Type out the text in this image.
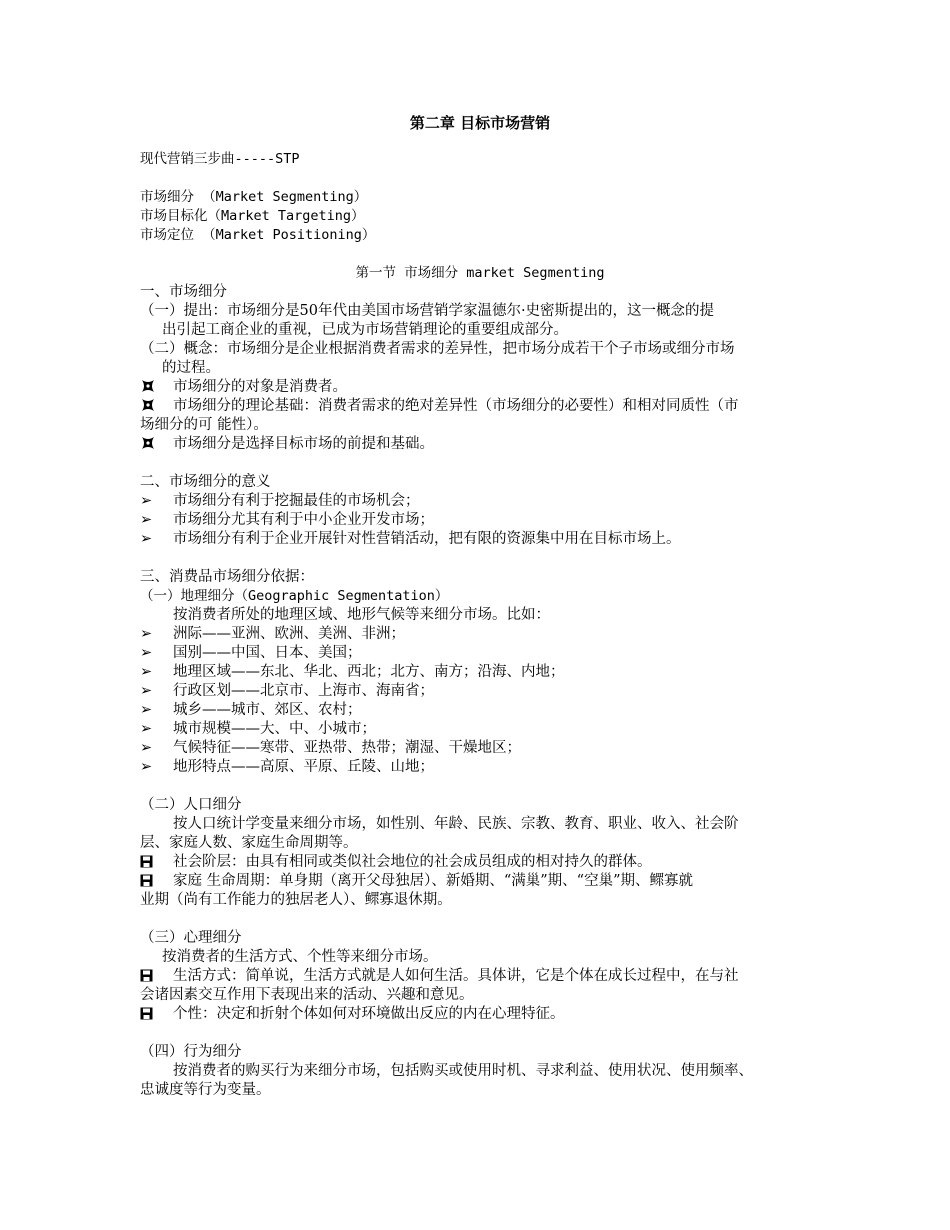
第二章 目标市场营销
现代营销三步曲-----STP
市场细分 （Market Segmenting）
市场目标化（Market Targeting）
市场定位 （Market Positioning）
第一节 市场细分 market Segmenting
一、市场细分
（一）提出：市场细分是50年代由美国市场营销学家温德尔·史密斯提出的，这一概念的提
出引起工商企业的重视，已成为市场营销理论的重要组成部分。
（二）概念：市场细分是企业根据消费者需求的差异性，把市场分成若干个子市场或细分市场
的过程。
市场细分的对象是消费者。
市场细分的理论基础：消费者需求的绝对差异性（市场细分的必要性）和相对同质性（市
场细分的可 能性）。
市场细分是选择目标市场的前提和基础。
二、市场细分的意义
➢ 市场细分有利于挖掘最佳的市场机会；
➢ 市场细分尤其有利于中小企业开发市场；
➢ 市场细分有利于企业开展针对性营销活动，把有限的资源集中用在目标市场上。
三、消费品市场细分依据：
（一）地理细分（Geographic Segmentation）
按消费者所处的地理区域、地形气候等来细分市场。比如：
➢ 洲际——亚洲、欧洲、美洲、非洲；
➢ 国别——中国、日本、美国；
➢ 地理区域——东北、华北、西北；北方、南方；沿海、内地；
➢ 行政区划——北京市、上海市、海南省；
➢ 城乡——城市、郊区、农村；
➢ 城市规模——大、中、小城市；
➢ 气候特征——寒带、亚热带、热带；潮湿、干燥地区；
➢ 地形特点——高原、平原、丘陵、山地；
（二）人口细分
按人口统计学变量来细分市场，如性别、年龄、民族、宗教、教育、职业、收入、社会阶
层、家庭人数、家庭生命周期等。
社会阶层：由具有相同或类似社会地位的社会成员组成的相对持久的群体。
家庭 生命周期：单身期（离开父母独居）、新婚期、“满巢”期、“空巢”期、鳏寡就
业期（尚有工作能力的独居老人）、鳏寡退休期。
（三）心理细分
按消费者的生活方式、个性等来细分市场。
生活方式：简单说，生活方式就是人如何生活。具体讲，它是个体在成长过程中，在与社
会诸因素交互作用下表现出来的活动、兴趣和意见。
个性：决定和折射个体如何对环境做出反应的内在心理特征。
（四）行为细分
按消费者的购买行为来细分市场，包括购买或使用时机、寻求利益、使用状况、使用频率、
忠诚度等行为变量。
